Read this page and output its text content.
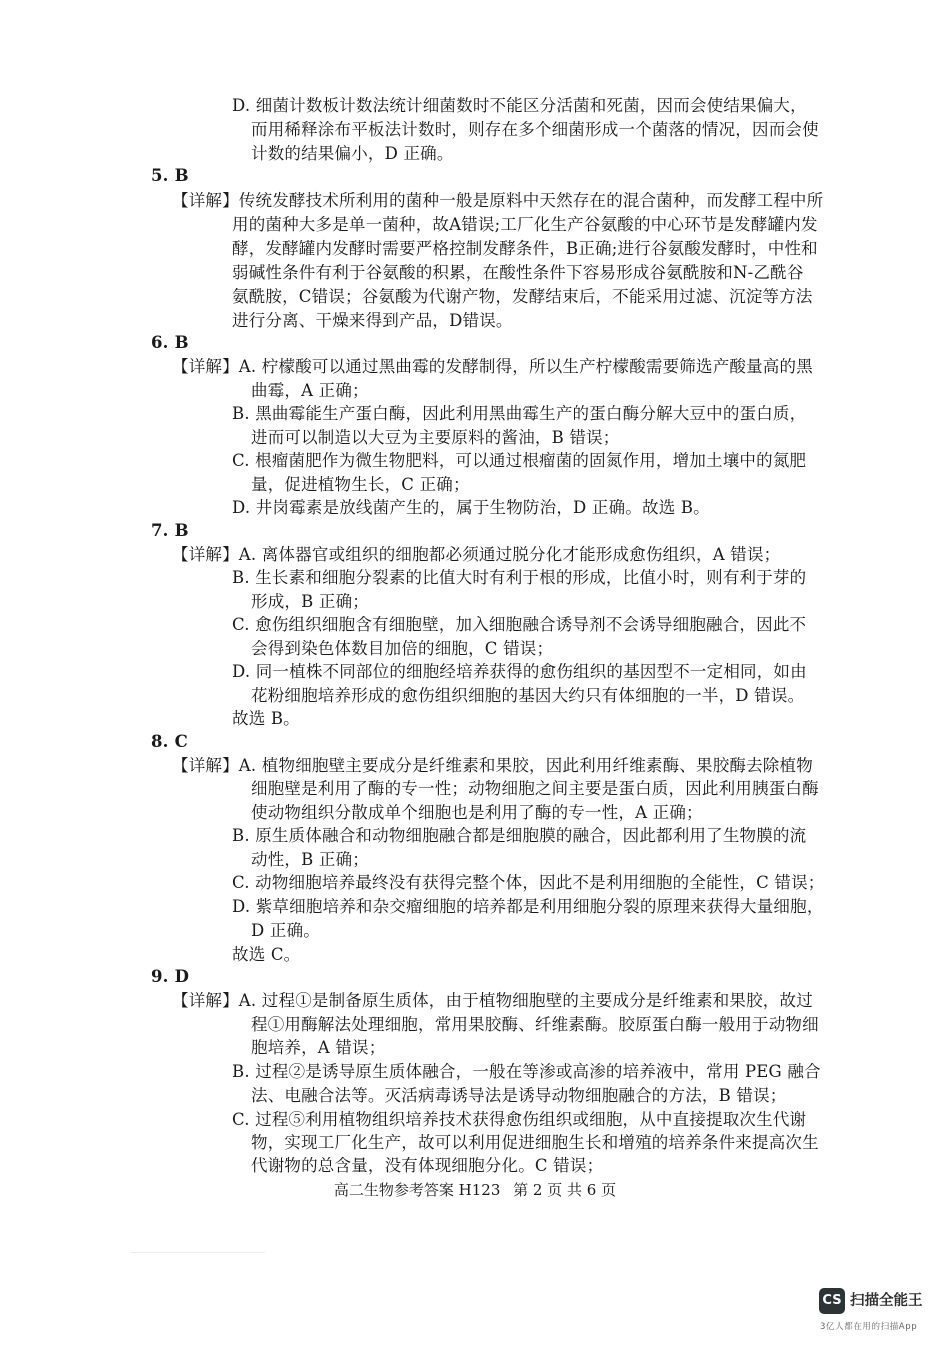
D. 细菌计数板计数法统计细菌数时不能区分活菌和死菌，因而会使结果偏大，
而用稀释涂布平板法计数时，则存在多个细菌形成一个菌落的情况，因而会使
计数的结果偏小，D 正确。
5. B
【详解】传统发酵技术所利用的菌种一般是原料中天然存在的混合菌种，而发酵工程中所
用的菌种大多是单一菌种，故A错误;工厂化生产谷氨酸的中心环节是发酵罐内发
酵，发酵罐内发酵时需要严格控制发酵条件，B正确;进行谷氨酸发酵时，中性和
弱碱性条件有利于谷氨酸的积累，在酸性条件下容易形成谷氨酰胺和N-乙酰谷
氨酰胺，C错误；谷氨酸为代谢产物，发酵结束后，不能采用过滤、沉淀等方法
进行分离、干燥来得到产品，D错误。
6. B
【详解】A. 柠檬酸可以通过黑曲霉的发酵制得，所以生产柠檬酸需要筛选产酸量高的黑
曲霉，A 正确；
B. 黑曲霉能生产蛋白酶，因此利用黑曲霉生产的蛋白酶分解大豆中的蛋白质，
进而可以制造以大豆为主要原料的酱油，B 错误；
C. 根瘤菌肥作为微生物肥料，可以通过根瘤菌的固氮作用，增加土壤中的氮肥
量，促进植物生长，C 正确；
D. 井岗霉素是放线菌产生的，属于生物防治，D 正确。故选 B。
7. B
【详解】A. 离体器官或组织的细胞都必须通过脱分化才能形成愈伤组织，A 错误；
B. 生长素和细胞分裂素的比值大时有利于根的形成，比值小时，则有利于芽的
形成，B 正确；
C. 愈伤组织细胞含有细胞壁，加入细胞融合诱导剂不会诱导细胞融合，因此不
会得到染色体数目加倍的细胞，C 错误；
D. 同一植株不同部位的细胞经培养获得的愈伤组织的基因型不一定相同，如由
花粉细胞培养形成的愈伤组织细胞的基因大约只有体细胞的一半，D 错误。
故选 B。
8. C
【详解】A. 植物细胞壁主要成分是纤维素和果胶，因此利用纤维素酶、果胶酶去除植物
细胞壁是利用了酶的专一性；动物细胞之间主要是蛋白质，因此利用胰蛋白酶
使动物组织分散成单个细胞也是利用了酶的专一性，A 正确；
B. 原生质体融合和动物细胞融合都是细胞膜的融合，因此都利用了生物膜的流
动性，B 正确；
C. 动物细胞培养最终没有获得完整个体，因此不是利用细胞的全能性，C 错误；
D. 紫草细胞培养和杂交瘤细胞的培养都是利用细胞分裂的原理来获得大量细胞，
D 正确。
故选 C。
9. D
【详解】A. 过程①是制备原生质体，由于植物细胞壁的主要成分是纤维素和果胶，故过
程①用酶解法处理细胞，常用果胶酶、纤维素酶。胶原蛋白酶一般用于动物细
胞培养，A 错误；
B. 过程②是诱导原生质体融合，一般在等渗或高渗的培养液中，常用 PEG 融合
法、电融合法等。灭活病毒诱导法是诱导动物细胞融合的方法，B 错误；
C. 过程⑤利用植物组织培养技术获得愈伤组织或细胞，从中直接提取次生代谢
物，实现工厂化生产，故可以利用促进细胞生长和增殖的培养条件来提高次生
代谢物的总含量，没有体现细胞分化。C 错误；
高二生物参考答案 H123 第 2 页 共 6 页
CS 扫描全能王
3亿人都在用的扫描App
